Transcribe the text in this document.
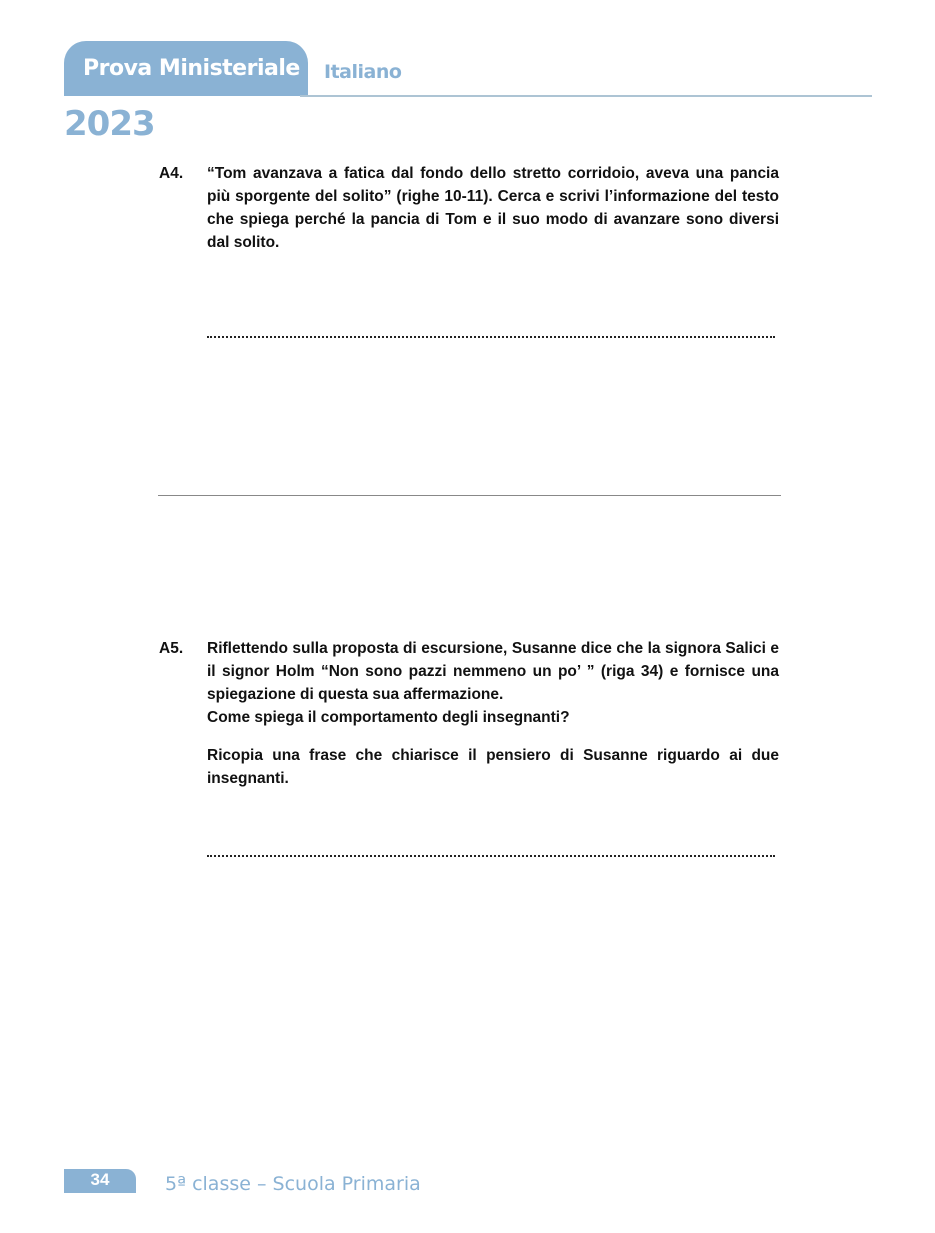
Prova Ministeriale Italiano
2023
A4. “Tom avanzava a fatica dal fondo dello stretto corridoio, aveva una pancia più sporgente del solito” (righe 10-11). Cerca e scrivi l’informazione del testo che spiega perché la pancia di Tom e il suo modo di avanzare sono diversi dal solito.

A5. Riflettendo sulla proposta di escursione, Susanne dice che la signora Salici e il signor Holm “Non sono pazzi nemmeno un po’ ” (riga 34) e fornisce una spiegazione di questa sua affermazione.

Come spiega il comportamento degli insegnanti?

Ricopia una frase che chiarisce il pensiero di Susanne riguardo ai due insegnanti.

34	5ª classe – Scuola Primaria
